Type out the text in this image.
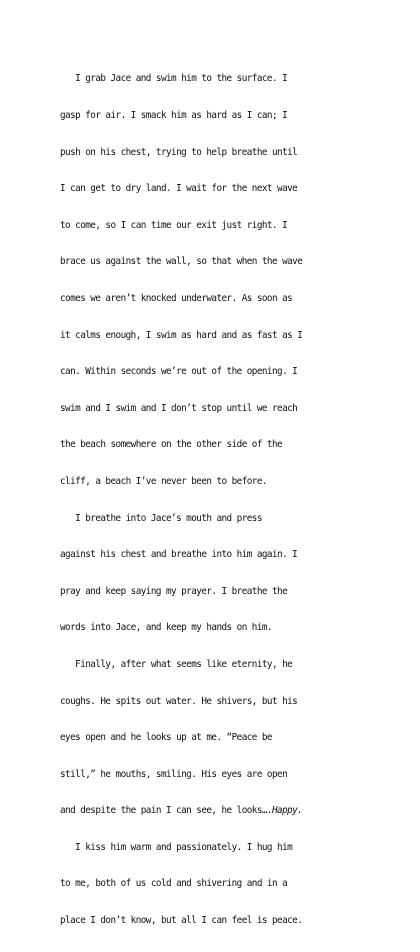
I grab Jace and swim him to the surface. I

gasp for air. I smack him as hard as I can; I

push on his chest, trying to help breathe until

I can get to dry land. I wait for the next wave

to come, so I can time our exit just right. I

brace us against the wall, so that when the wave

comes we aren’t knocked underwater. As soon as

it calms enough, I swim as hard and as fast as I

can. Within seconds we’re out of the opening. I

swim and I swim and I don’t stop until we reach

the beach somewhere on the other side of the

cliff, a beach I’ve never been to before.

I breathe into Jace’s mouth and press

against his chest and breathe into him again. I

pray and keep saying my prayer. I breathe the

words into Jace, and keep my hands on him.

Finally, after what seems like eternity, he

coughs. He spits out water. He shivers, but his

eyes open and he looks up at me. “Peace be

still,” he mouths, smiling. His eyes are open

and despite the pain I can see, he looks….Happy.

I kiss him warm and passionately. I hug him

to me, both of us cold and shivering and in a

place I don’t know, but all I can feel is peace.
